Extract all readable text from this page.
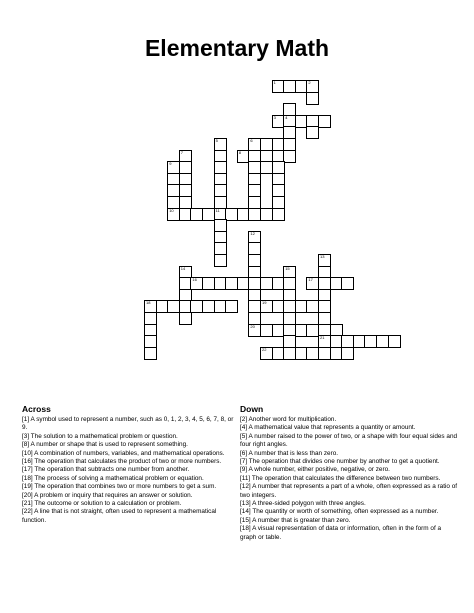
Elementary Math
1	2
3 4
5	6
7	8
9
10	11
12
13
14	15
16	17
18	19
20
21
22
Across

[1] A symbol used to represent a number, such as 0, 1, 2, 3, 4, 5, 6, 7, 8, or 9.

[3] The solution to a mathematical problem or question.

[8] A number or shape that is used to represent something.

[10] A combination of numbers, variables, and mathematical operations.

[16] The operation that calculates the product of two or more numbers.

[17] The operation that subtracts one number from another.

[18] The process of solving a mathematical problem or equation.

[19] The operation that combines two or more numbers to get a sum.

[20] A problem or inquiry that requires an answer or solution.

[21] The outcome or solution to a calculation or problem.

[22] A line that is not straight, often used to represent a mathematical function.

Down

[2] Another word for multiplication.

[4] A mathematical value that represents a quantity or amount.

[5] A number raised to the power of two, or a shape with four equal sides and four right angles.

[6] A number that is less than zero.

[7] The operation that divides one number by another to get a quotient.

[9] A whole number, either positive, negative, or zero.

[11] The operation that calculates the difference between two numbers.

[12] A number that represents a part of a whole, often expressed as a ratio of two integers.

[13] A three-sided polygon with three angles.

[14] The quantity or worth of something, often expressed as a number.

[15] A number that is greater than zero.

[18] A visual representation of data or information, often in the form of a graph or table.
